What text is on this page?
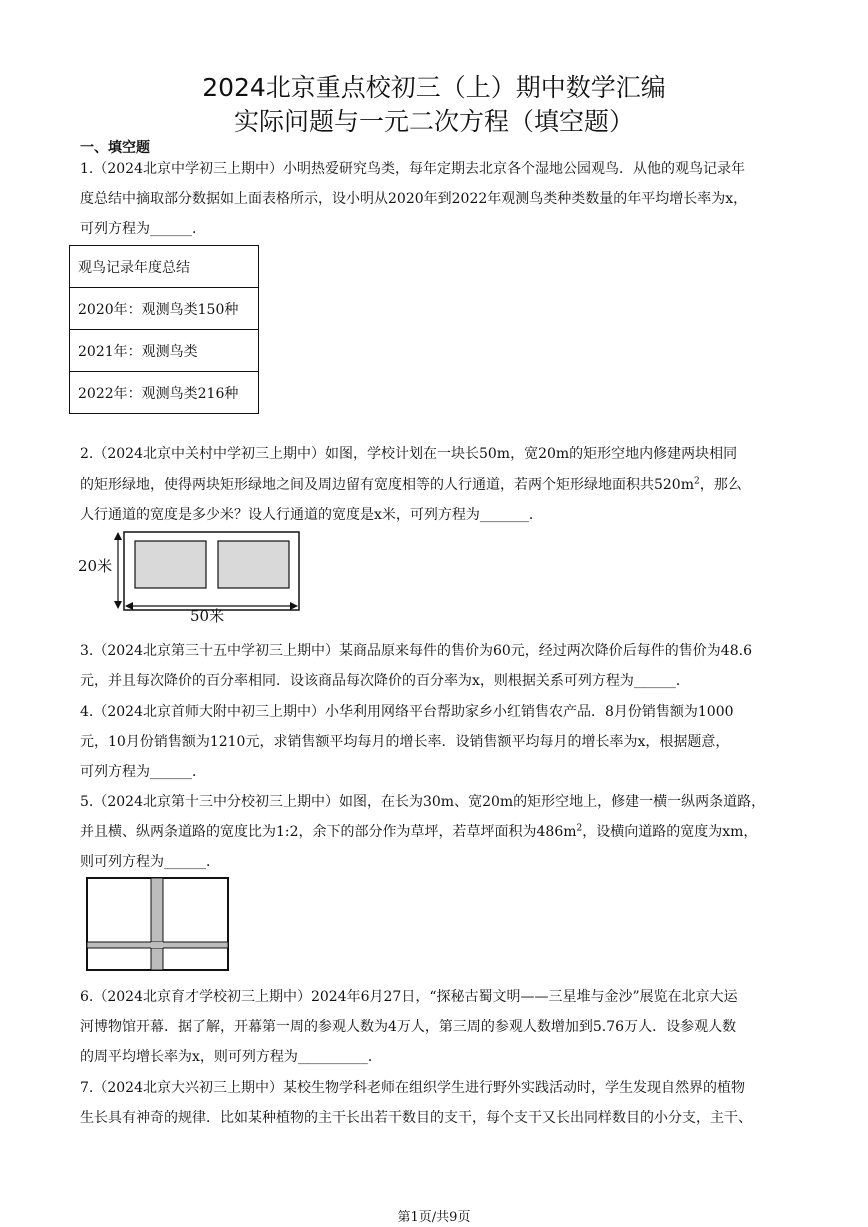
2024北京重点校初三（上）期中数学汇编
实际问题与一元二次方程（填空题）
一、填空题
1.（2024北京中学初三上期中）小明热爱研究鸟类，每年定期去北京各个湿地公园观鸟．从他的观鸟记录年
度总结中摘取部分数据如上面表格所示，设小明从2020年到2022年观测鸟类种类数量的年平均增长率为x，
可列方程为______．
观鸟记录年度总结
2020年：观测鸟类150种
2021年：观测鸟类
2022年：观测鸟类216种
2.（2024北京中关村中学初三上期中）如图，学校计划在一块长50m，宽20m的矩形空地内修建两块相同
的矩形绿地，使得两块矩形绿地之间及周边留有宽度相等的人行通道，若两个矩形绿地面积共$520m^2$，那么
人行通道的宽度是多少米？设人行通道的宽度是x米，可列方程为_______．
20米
50米
3.（2024北京第三十五中学初三上期中）某商品原来每件的售价为60元，经过两次降价后每件的售价为48.6
元，并且每次降价的百分率相同．设该商品每次降价的百分率为x，则根据关系可列方程为______．
4.（2024北京首师大附中初三上期中）小华利用网络平台帮助家乡小红销售农产品．8月份销售额为1000
元，10月份销售额为1210元，求销售额平均每月的增长率．设销售额平均每月的增长率为x，根据题意，
可列方程为______．
5.（2024北京第十三中分校初三上期中）如图，在长为30m、宽20m的矩形空地上，修建一横一纵两条道路，
并且横、纵两条道路的宽度比为1:2，余下的部分作为草坪，若草坪面积为$486m^2$，设横向道路的宽度为xm，
则可列方程为______．
6.（2024北京育才学校初三上期中）2024年6月27日，“探秘古蜀文明——三星堆与金沙”展览在北京大运
河博物馆开幕．据了解，开幕第一周的参观人数为4万人，第三周的参观人数增加到5.76万人．设参观人数
的周平均增长率为x，则可列方程为__________．
7.（2024北京大兴初三上期中）某校生物学科老师在组织学生进行野外实践活动时，学生发现自然界的植物
生长具有神奇的规律．比如某种植物的主干长出若干数目的支干，每个支干又长出同样数目的小分支，主干、
第1页/共9页
